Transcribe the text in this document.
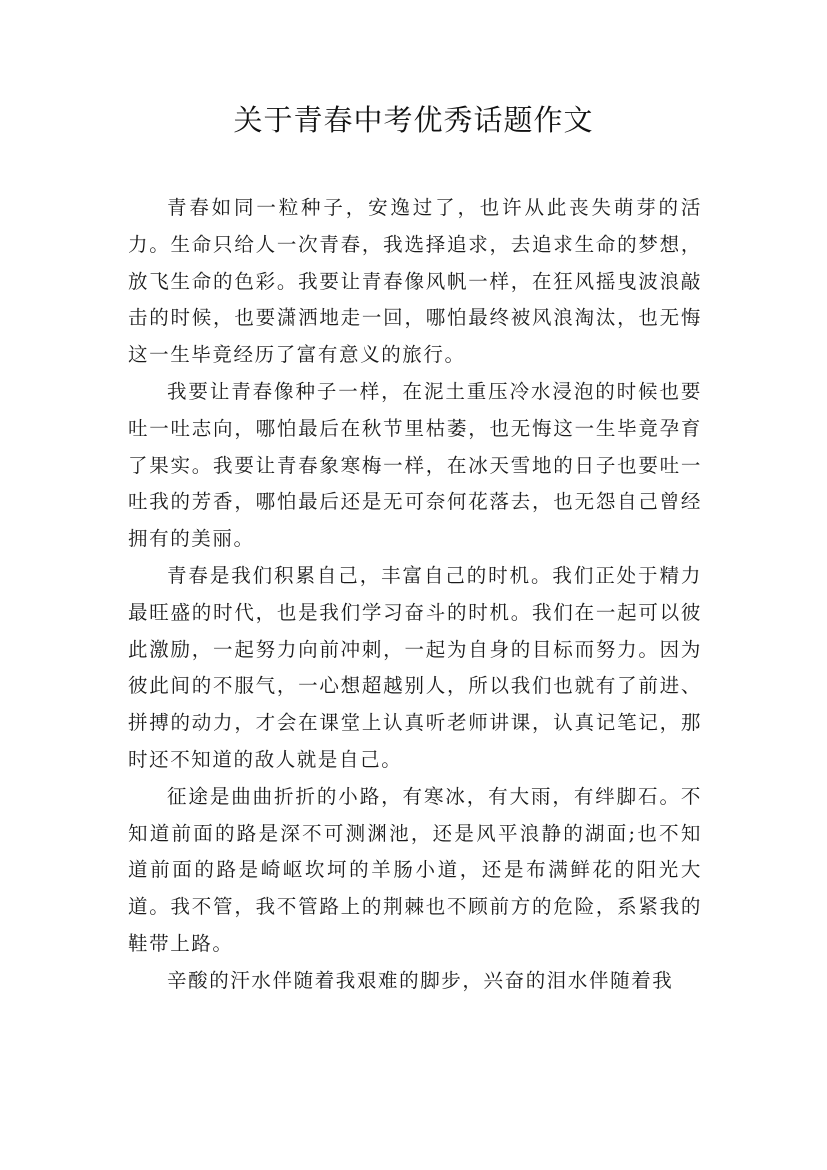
关于青春中考优秀话题作文

青春如同一粒种子，安逸过了，也许从此丧失萌芽的活力。生命只给人一次青春，我选择追求，去追求生命的梦想，放飞生命的色彩。我要让青春像风帆一样，在狂风摇曳波浪敲击的时候，也要潇洒地走一回，哪怕最终被风浪淘汰，也无悔这一生毕竟经历了富有意义的旅行。

我要让青春像种子一样，在泥土重压冷水浸泡的时候也要吐一吐志向，哪怕最后在秋节里枯萎，也无悔这一生毕竟孕育了果实。我要让青春象寒梅一样，在冰天雪地的日子也要吐一吐我的芳香，哪怕最后还是无可奈何花落去，也无怨自己曾经拥有的美丽。

青春是我们积累自己，丰富自己的时机。我们正处于精力最旺盛的时代，也是我们学习奋斗的时机。我们在一起可以彼此激励，一起努力向前冲刺，一起为自身的目标而努力。因为彼此间的不服气，一心想超越别人，所以我们也就有了前进、拼搏的动力，才会在课堂上认真听老师讲课，认真记笔记，那时还不知道的敌人就是自己。

征途是曲曲折折的小路，有寒冰，有大雨，有绊脚石。不知道前面的路是深不可测渊池，还是风平浪静的湖面;也不知道前面的路是崎岖坎坷的羊肠小道，还是布满鲜花的阳光大道。我不管，我不管路上的荆棘也不顾前方的危险，系紧我的鞋带上路。

辛酸的汗水伴随着我艰难的脚步，兴奋的泪水伴随着我
